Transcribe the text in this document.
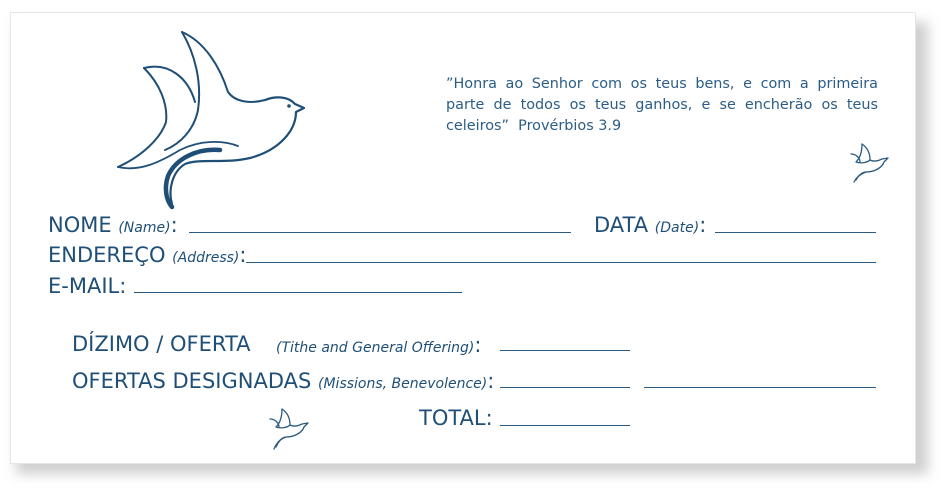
”Honra ao Senhor com os teus bens, e com a primeira parte de todos os teus ganhos, e se encherão os teus celeiros” Provérbios 3.9
NOME (Name):	DATA (Date):
ENDEREÇO (Address):
E-MAIL:
DÍZIMO / OFERTA (Tithe and General Offering):
OFERTAS DESIGNADAS (Missions, Benevolence):
TOTAL:
